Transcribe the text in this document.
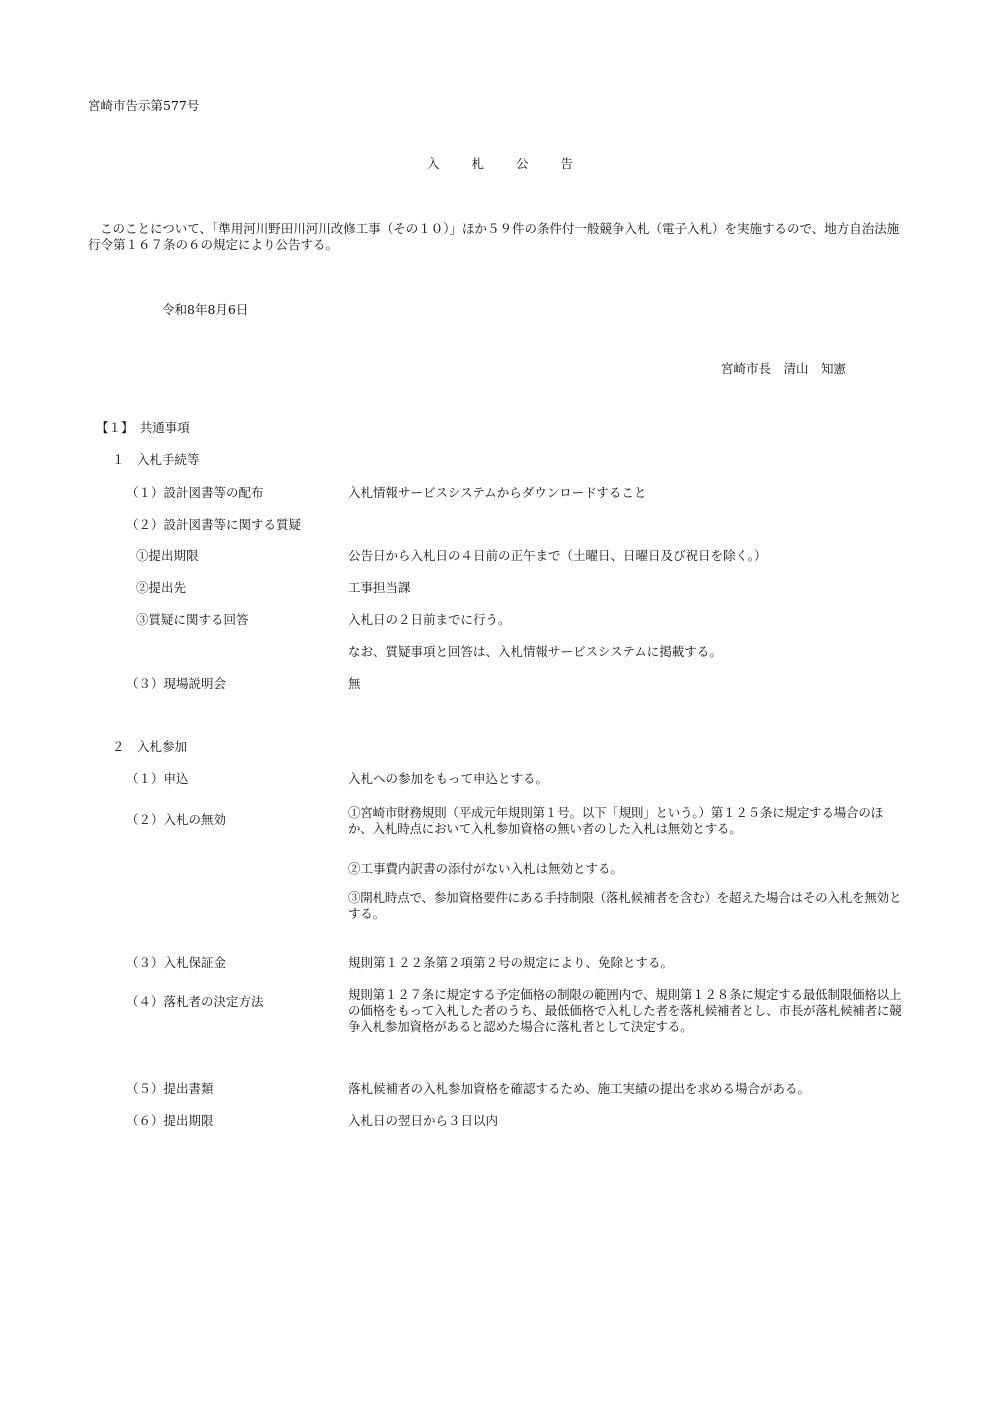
宮崎市告示第577号
入 札 公 告
このことについて、「準用河川野田川河川改修工事（その１０）」ほか５９件の条件付一般競争入札（電子入札）を実施するので、地方自治法施行令第１６７条の６の規定により公告する。
令和8年8月6日
宮崎市長　清山　知憲
【１】　共通事項
１　入札手続等
（１）設計図書等の配布	入札情報サービスシステムからダウンロードすること
（２）設計図書等に関する質疑
①提出期限	公告日から入札日の４日前の正午まで（土曜日、日曜日及び祝日を除く。）
②提出先	工事担当課
③質疑に関する回答	入札日の２日前までに行う。
なお、質疑事項と回答は、入札情報サービスシステムに掲載する。
（３）現場説明会	無
２　入札参加
（１）申込	入札への参加をもって申込とする。
（２）入札の無効	①宮崎市財務規則（平成元年規則第１号。以下「規則」という。）第１２５条に規定する場合のほか、入札時点において入札参加資格の無い者のした入札は無効とする。
②工事費内訳書の添付がない入札は無効とする。
③開札時点で、参加資格要件にある手持制限（落札候補者を含む）を超えた場合はその入札を無効とする。
（３）入札保証金	規則第１２２条第２項第２号の規定により、免除とする。
（４）落札者の決定方法	規則第１２７条に規定する予定価格の制限の範囲内で、規則第１２８条に規定する最低制限価格以上の価格をもって入札した者のうち、最低価格で入札した者を落札候補者とし、市長が落札候補者に競争入札参加資格があると認めた場合に落札者として決定する。
（５）提出書類	落札候補者の入札参加資格を確認するため、施工実績の提出を求める場合がある。
（６）提出期限	入札日の翌日から３日以内
